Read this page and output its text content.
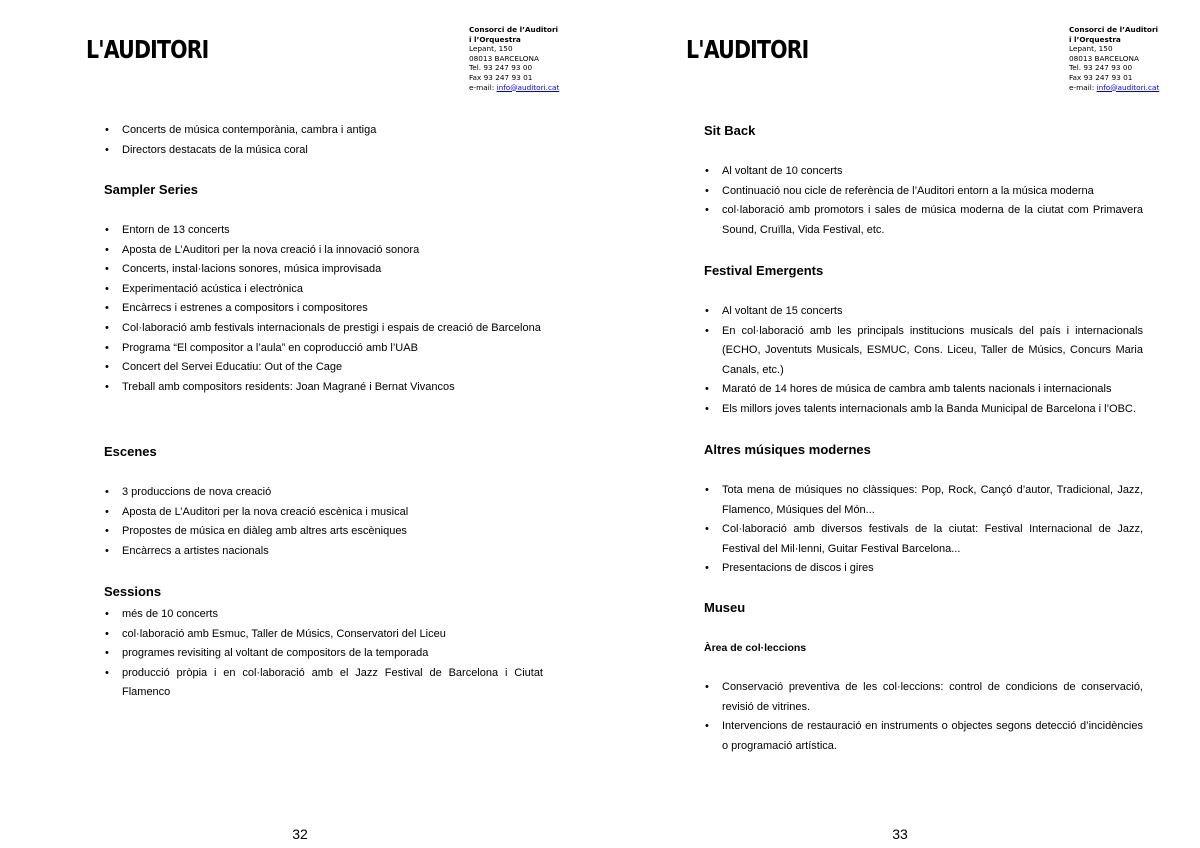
L'AUDITORI
Consorci de l’Auditori
i l’Orquestra
Lepant, 150
08013 BARCELONA
Tel. 93 247 93 00
Fax 93 247 93 01
e-mail: info@auditori.cat
• Concerts de música contemporània, cambra i antiga
• Directors destacats de la música coral
Sampler Series
• Entorn de 13 concerts
• Aposta de L’Auditori per la nova creació i la innovació sonora
• Concerts, instal·lacions sonores, música improvisada
• Experimentació acústica i electrònica
• Encàrrecs i estrenes a compositors i compositores
• Col·laboració amb festivals internacionals de prestigi i espais de creació de Barcelona
• Programa “El compositor a l’aula” en coproducció amb l’UAB
• Concert del Servei Educatiu: Out of the Cage
• Treball amb compositors residents: Joan Magrané i Bernat Vivancos
Escenes
• 3 produccions de nova creació
• Aposta de L’Auditori per la nova creació escènica i musical
• Propostes de música en diàleg amb altres arts escèniques
• Encàrrecs a artistes nacionals
Sessions
• més de 10 concerts
• col·laboració amb Esmuc, Taller de Músics, Conservatori del Liceu
• programes revisiting al voltant de compositors de la temporada
• producció pròpia i en col·laboració amb el Jazz Festival de Barcelona i Ciutat Flamenco
32
L'AUDITORI
Consorci de l’Auditori
i l’Orquestra
Lepant, 150
08013 BARCELONA
Tel. 93 247 93 00
Fax 93 247 93 01
e-mail: info@auditori.cat
Sit Back
• Al voltant de 10 concerts
• Continuació nou cicle de referència de l’Auditori entorn a la música moderna
• col·laboració amb promotors i sales de música moderna de la ciutat com Primavera Sound, Cruïlla, Vida Festival, etc.
Festival Emergents
• Al voltant de 15 concerts
• En col·laboració amb les principals institucions musicals del país i internacionals (ECHO, Joventuts Musicals, ESMUC, Cons. Liceu, Taller de Músics, Concurs Maria Canals, etc.)
• Marató de 14 hores de música de cambra amb talents nacionals i internacionals
• Els millors joves talents internacionals amb la Banda Municipal de Barcelona i l’OBC.
Altres músiques modernes
• Tota mena de músiques no clàssiques: Pop, Rock, Cançó d’autor, Tradicional, Jazz, Flamenco, Músiques del Món...
• Col·laboració amb diversos festivals de la ciutat: Festival Internacional de Jazz, Festival del Mil·lenni, Guitar Festival Barcelona...
• Presentacions de discos i gires
Museu
Àrea de col·leccions
• Conservació preventiva de les col·leccions: control de condicions de conservació, revisió de vitrines.
• Intervencions de restauració en instruments o objectes segons detecció d’incidències o programació artística.
33
